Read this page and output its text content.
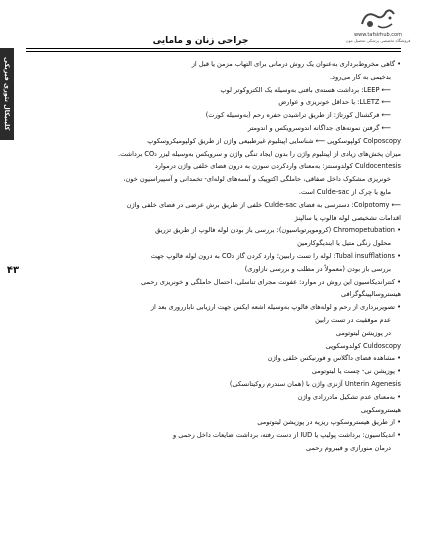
www.tafsirhub.com
فروشگاه تخصصی پزشکی تحصیل مون
جراحی زنان و مامایی
کلینیکال تئوری فیزیکی
۴۳
• گاهی مخروط‌برداری به‌عنوان یک روش درمانی برای التهاب مزمن یا قبل از
بدخیمی به کار می‌رود.
⟵ LEEP: برداشت هسته‌ی بافتی به‌وسیله یک الکتروکوتر لوپ
⟵ LLETZ: با حداقل خونریزی و عوارض
⟵ فرکشنال کورتاژ: از طریق تراشیدن حفره رحم (به‌وسیله کورت)
⟵ گرفتن نمونه‌های جداگانه اندوسرویکس و اندومتر
Colposcopy کولپوسکوپی ⟵ شناسایی اپیتلیوم غیرطبیعی واژن از طریق کولپومیکروسکوپ
میزان پخش‌های زیادی از اپیتلیوم واژن را بدون ایجاد تنگی واژن و سرویکس به‌وسیله لیزر CO₂ برداشت.
Culdocentesis کولدوسنتز: به‌معنای واردکردن سوزن به درون فضای خلفی واژن درموارد
خونریزی مشکوک داخل صفاقی، حاملگی اکتوپیک و آبسه‌های لوله‌ای- تخمدانی و آسپیراسیون خون،
مایع یا چرک از Culde-sac است.
⟵ Colpotomy: دسترسی به فضای Culde-sac خلفی از طریق برش عرضی در فضای خلفی واژن
اقدامات تشخیصی لوله فالوپ یا سالپنژ
• Chromopetubation (کروموپرتوباسیون): بررسی باز بودن لوله فالوپ از طریق تزریق
محلول رنگی متیل یا ایندیگوکارمین
• Tubal insufflations: لوله را تست راببین؛ وارد کردن گاز CO₂ به درون لوله فالوپ جهت
بررسی باز بودن (معمولاً در مطلب و بررسی نازاوری)
• کنتراندیکاسیون این روش در موارد: عفونت مجرای تناسلی، احتمال حاملگی و خونریزی رحمی
هیستروسالپینگوگرافی
• تصویربرداری از رحم و لوله‌های فالوپ به‌وسیله اشعه ایکس جهت ارزیابی نابارروری بعد از
عدم موفقیت در تست رابین
در پوزیشن لیتوتومی
Culdoscopy کولدوسکوپی
• مشاهده فضای داگلاس و فورنیکس خلفی واژن
• پوزیشن نی- چست یا لیتوتومی
Unterin Agenesis آژنزی واژن با (همان سندرم روکیتانسکی)
• به‌معنای عدم تشکیل مادرزادی واژن
هیستروسکوپی
• از طریق هیستروسکوپ ریزیه در پوزیشن لیتوتومی
• اندیکاسیون: برداشت پولیپ یا IUD از دست رفته، برداشت ضایعات داخل رحمی و
درمان منورازی و فیبروم رحمی
